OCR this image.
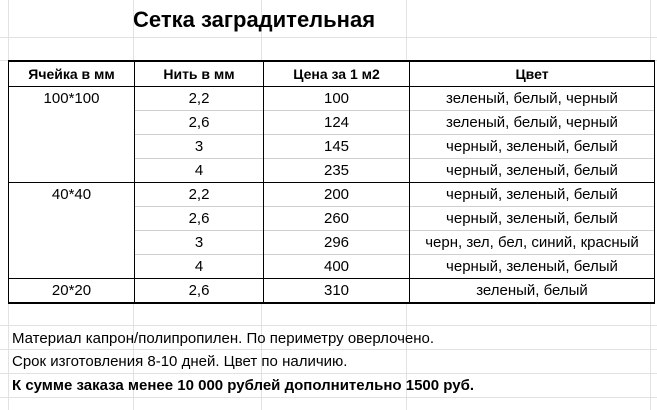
Сетка заградительная
Ячейка в мм	Нить в мм	Цена за 1 м2	Цвет
100*100	2,2	100	зеленый, белый, черный
	2,6	124	зеленый, белый, черный
	3	145	черный, зеленый, белый
	4	235	черный, зеленый, белый
40*40	2,2	200	черный, зеленый, белый
	2,6	260	черный, зеленый, белый
	3	296	черн, зел, бел, синий, красный
	4	400	черный, зеленый, белый
20*20	2,6	310	зеленый, белый
Материал капрон/полипропилен. По периметру оверлочено.
Срок изготовления 8-10 дней. Цвет по наличию.
К сумме заказа менее 10 000 рублей дополнительно 1500 руб.
